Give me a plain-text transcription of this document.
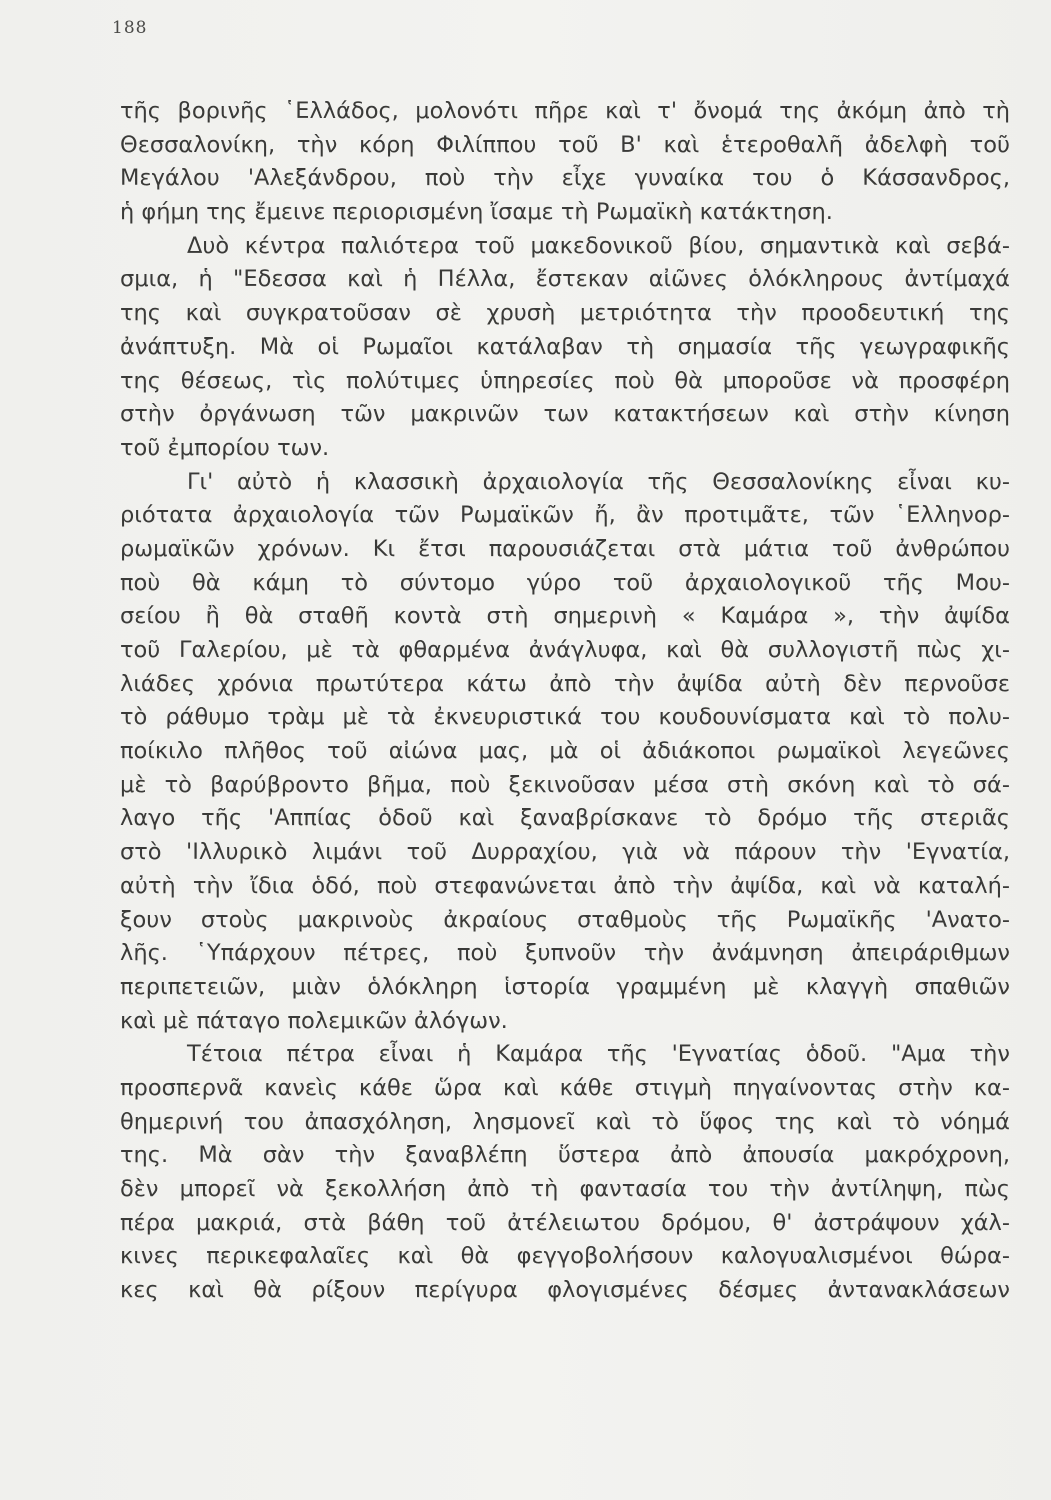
188
τῆς βορινῆς ῾Ελλάδος, μολονότι πῆρε καὶ τ' ὄνομά της ἀκόμη ἀπὸ τὴ
Θεσσαλονίκη, τὴν κόρη Φιλίππου τοῦ Β' καὶ ἑτεροθαλῆ ἀδελφὴ τοῦ
Μεγάλου 'Αλεξάνδρου, ποὺ τὴν εἶχε γυναίκα του ὁ Κάσσανδρος,
ἡ φήμη της ἔμεινε περιορισμένη ἴσαμε τὴ Ρωμαϊκὴ κατάκτηση.
Δυὸ κέντρα παλιότερα τοῦ μακεδονικοῦ βίου, σημαντικὰ καὶ σεβά-
σμια, ἡ "Εδεσσα καὶ ἡ Πέλλα, ἔστεκαν αἰῶνες ὁλόκληρους ἀντίμαχά
της καὶ συγκρατοῦσαν σὲ χρυσὴ μετριότητα τὴν προοδευτική της
ἀνάπτυξη. Μὰ οἱ Ρωμαῖοι κατάλαβαν τὴ σημασία τῆς γεωγραφικῆς
της θέσεως, τὶς πολύτιμες ὑπηρεσίες ποὺ θὰ μποροῦσε νὰ προσφέρη
στὴν ὀργάνωση τῶν μακρινῶν των κατακτήσεων καὶ στὴν κίνηση
τοῦ ἐμπορίου των.
Γι' αὐτὸ ἡ κλασσικὴ ἀρχαιολογία τῆς Θεσσαλονίκης εἶναι κυ-
ριότατα ἀρχαιολογία τῶν Ρωμαϊκῶν ἤ, ἂν προτιμᾶτε, τῶν ῾Ελληνορ-
ρωμαϊκῶν χρόνων. Κι ἔτσι παρουσιάζεται στὰ μάτια τοῦ ἀνθρώπου
ποὺ θὰ κάμη τὸ σύντομο γύρο τοῦ ἀρχαιολογικοῦ τῆς Μου-
σείου ἢ θὰ σταθῆ κοντὰ στὴ σημερινὴ « Καμάρα », τὴν ἀψίδα
τοῦ Γαλερίου, μὲ τὰ φθαρμένα ἀνάγλυφα, καὶ θὰ συλλογιστῆ πὼς χι-
λιάδες χρόνια πρωτύτερα κάτω ἀπὸ τὴν ἀψίδα αὐτὴ δὲν περνοῦσε
τὸ ράθυμο τρὰμ μὲ τὰ ἐκνευριστικά του κουδουνίσματα καὶ τὸ πολυ-
ποίκιλο πλῆθος τοῦ αἰώνα μας, μὰ οἱ ἀδιάκοποι ρωμαϊκοὶ λεγεῶνες
μὲ τὸ βαρύβροντο βῆμα, ποὺ ξεκινοῦσαν μέσα στὴ σκόνη καὶ τὸ σά-
λαγο τῆς 'Αππίας ὁδοῦ καὶ ξαναβρίσκανε τὸ δρόμο τῆς στεριᾶς
στὸ 'Ιλλυρικὸ λιμάνι τοῦ Δυρραχίου, γιὰ νὰ πάρουν τὴν 'Εγνατία,
αὐτὴ τὴν ἴδια ὁδό, ποὺ στεφανώνεται ἀπὸ τὴν ἀψίδα, καὶ νὰ καταλή-
ξουν στοὺς μακρινοὺς ἀκραίους σταθμοὺς τῆς Ρωμαϊκῆς 'Ανατο-
λῆς. ῾Υπάρχουν πέτρες, ποὺ ξυπνοῦν τὴν ἀνάμνηση ἀπειράριθμων
περιπετειῶν, μιὰν ὁλόκληρη ἱστορία γραμμένη μὲ κλαγγὴ σπαθιῶν
καὶ μὲ πάταγο πολεμικῶν ἀλόγων.
Τέτοια πέτρα εἶναι ἡ Καμάρα τῆς 'Εγνατίας ὁδοῦ. "Αμα τὴν
προσπερνᾶ κανεὶς κάθε ὥρα καὶ κάθε στιγμὴ πηγαίνοντας στὴν κα-
θημερινή του ἀπασχόληση, λησμονεῖ καὶ τὸ ὕφος της καὶ τὸ νόημά
της. Μὰ σὰν τὴν ξαναβλέπη ὕστερα ἀπὸ ἀπουσία μακρόχρονη,
δὲν μπορεῖ νὰ ξεκολλήση ἀπὸ τὴ φαντασία του τὴν ἀντίληψη, πὼς
πέρα μακριά, στὰ βάθη τοῦ ἀτέλειωτου δρόμου, θ' ἀστράψουν χάλ-
κινες περικεφαλαῖες καὶ θὰ φεγγοβολήσουν καλογυαλισμένοι θώρα-
κες καὶ θὰ ρίξουν περίγυρα φλογισμένες δέσμες ἀντανακλάσεων
